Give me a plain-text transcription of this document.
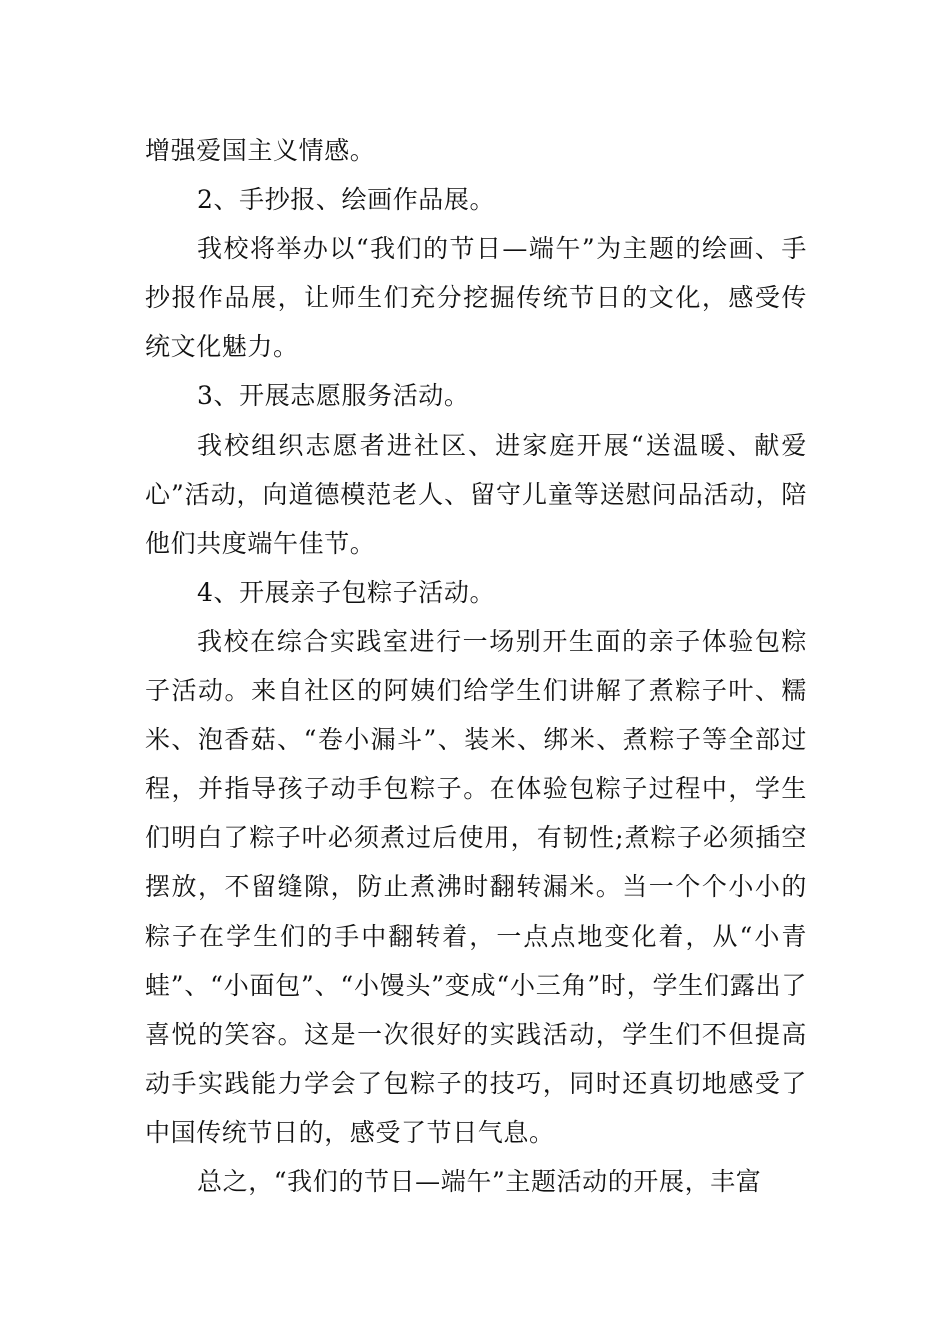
增强爱国主义情感。

2、手抄报、绘画作品展。

我校将举办以“我们的节日—端午”为主题的绘画、手抄报作品展，让师生们充分挖掘传统节日的文化，感受传统文化魅力。

3、开展志愿服务活动。

我校组织志愿者进社区、进家庭开展“送温暖、献爱心”活动，向道德模范老人、留守儿童等送慰问品活动，陪他们共度端午佳节。

4、开展亲子包粽子活动。

我校在综合实践室进行一场别开生面的亲子体验包粽子活动。来自社区的阿姨们给学生们讲解了煮粽子叶、糯米、泡香菇、“卷小漏斗”、装米、绑米、煮粽子等全部过程，并指导孩子动手包粽子。在体验包粽子过程中，学生们明白了粽子叶必须煮过后使用，有韧性;煮粽子必须插空摆放，不留缝隙，防止煮沸时翻转漏米。当一个个小小的粽子在学生们的手中翻转着，一点点地变化着，从“小青蛙”、“小面包”、“小馒头”变成“小三角”时，学生们露出了喜悦的笑容。这是一次很好的实践活动，学生们不但提高动手实践能力学会了包粽子的技巧，同时还真切地感受了中国传统节日的，感受了节日气息。

总之，“我们的节日—端午”主题活动的开展，丰富
